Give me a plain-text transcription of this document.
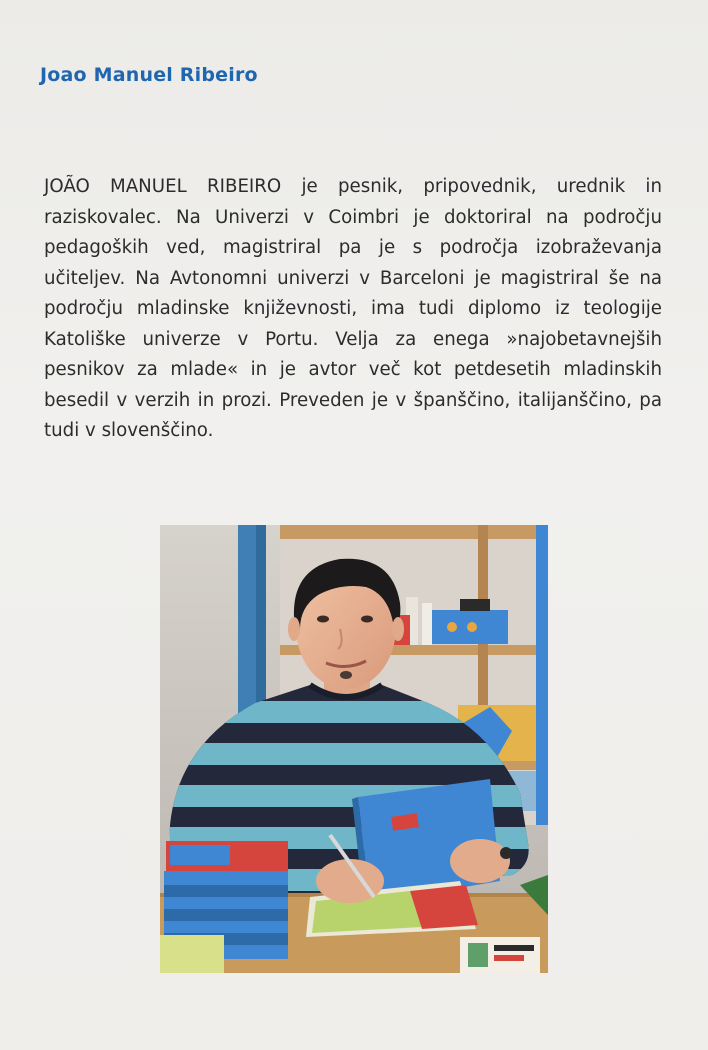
Joao Manuel Ribeiro

JOÃO MANUEL RIBEIRO je pesnik, pripovednik, urednik in raziskovalec. Na Univerzi v Coimbri je doktoriral na področju pedagoških ved, magistriral pa je s področja izobraževanja učiteljev. Na Avtonomni univerzi v Barceloni je magistriral še na področju mladinske književnosti, ima tudi diplomo iz teologije Katoliške univerze v Portu. Velja za enega »najobetavnejših pesnikov za mlade« in je avtor več kot petdesetih mladinskih besedil v verzih in prozi. Preveden je v španščino, italijanščino, pa tudi v slovenščino.
